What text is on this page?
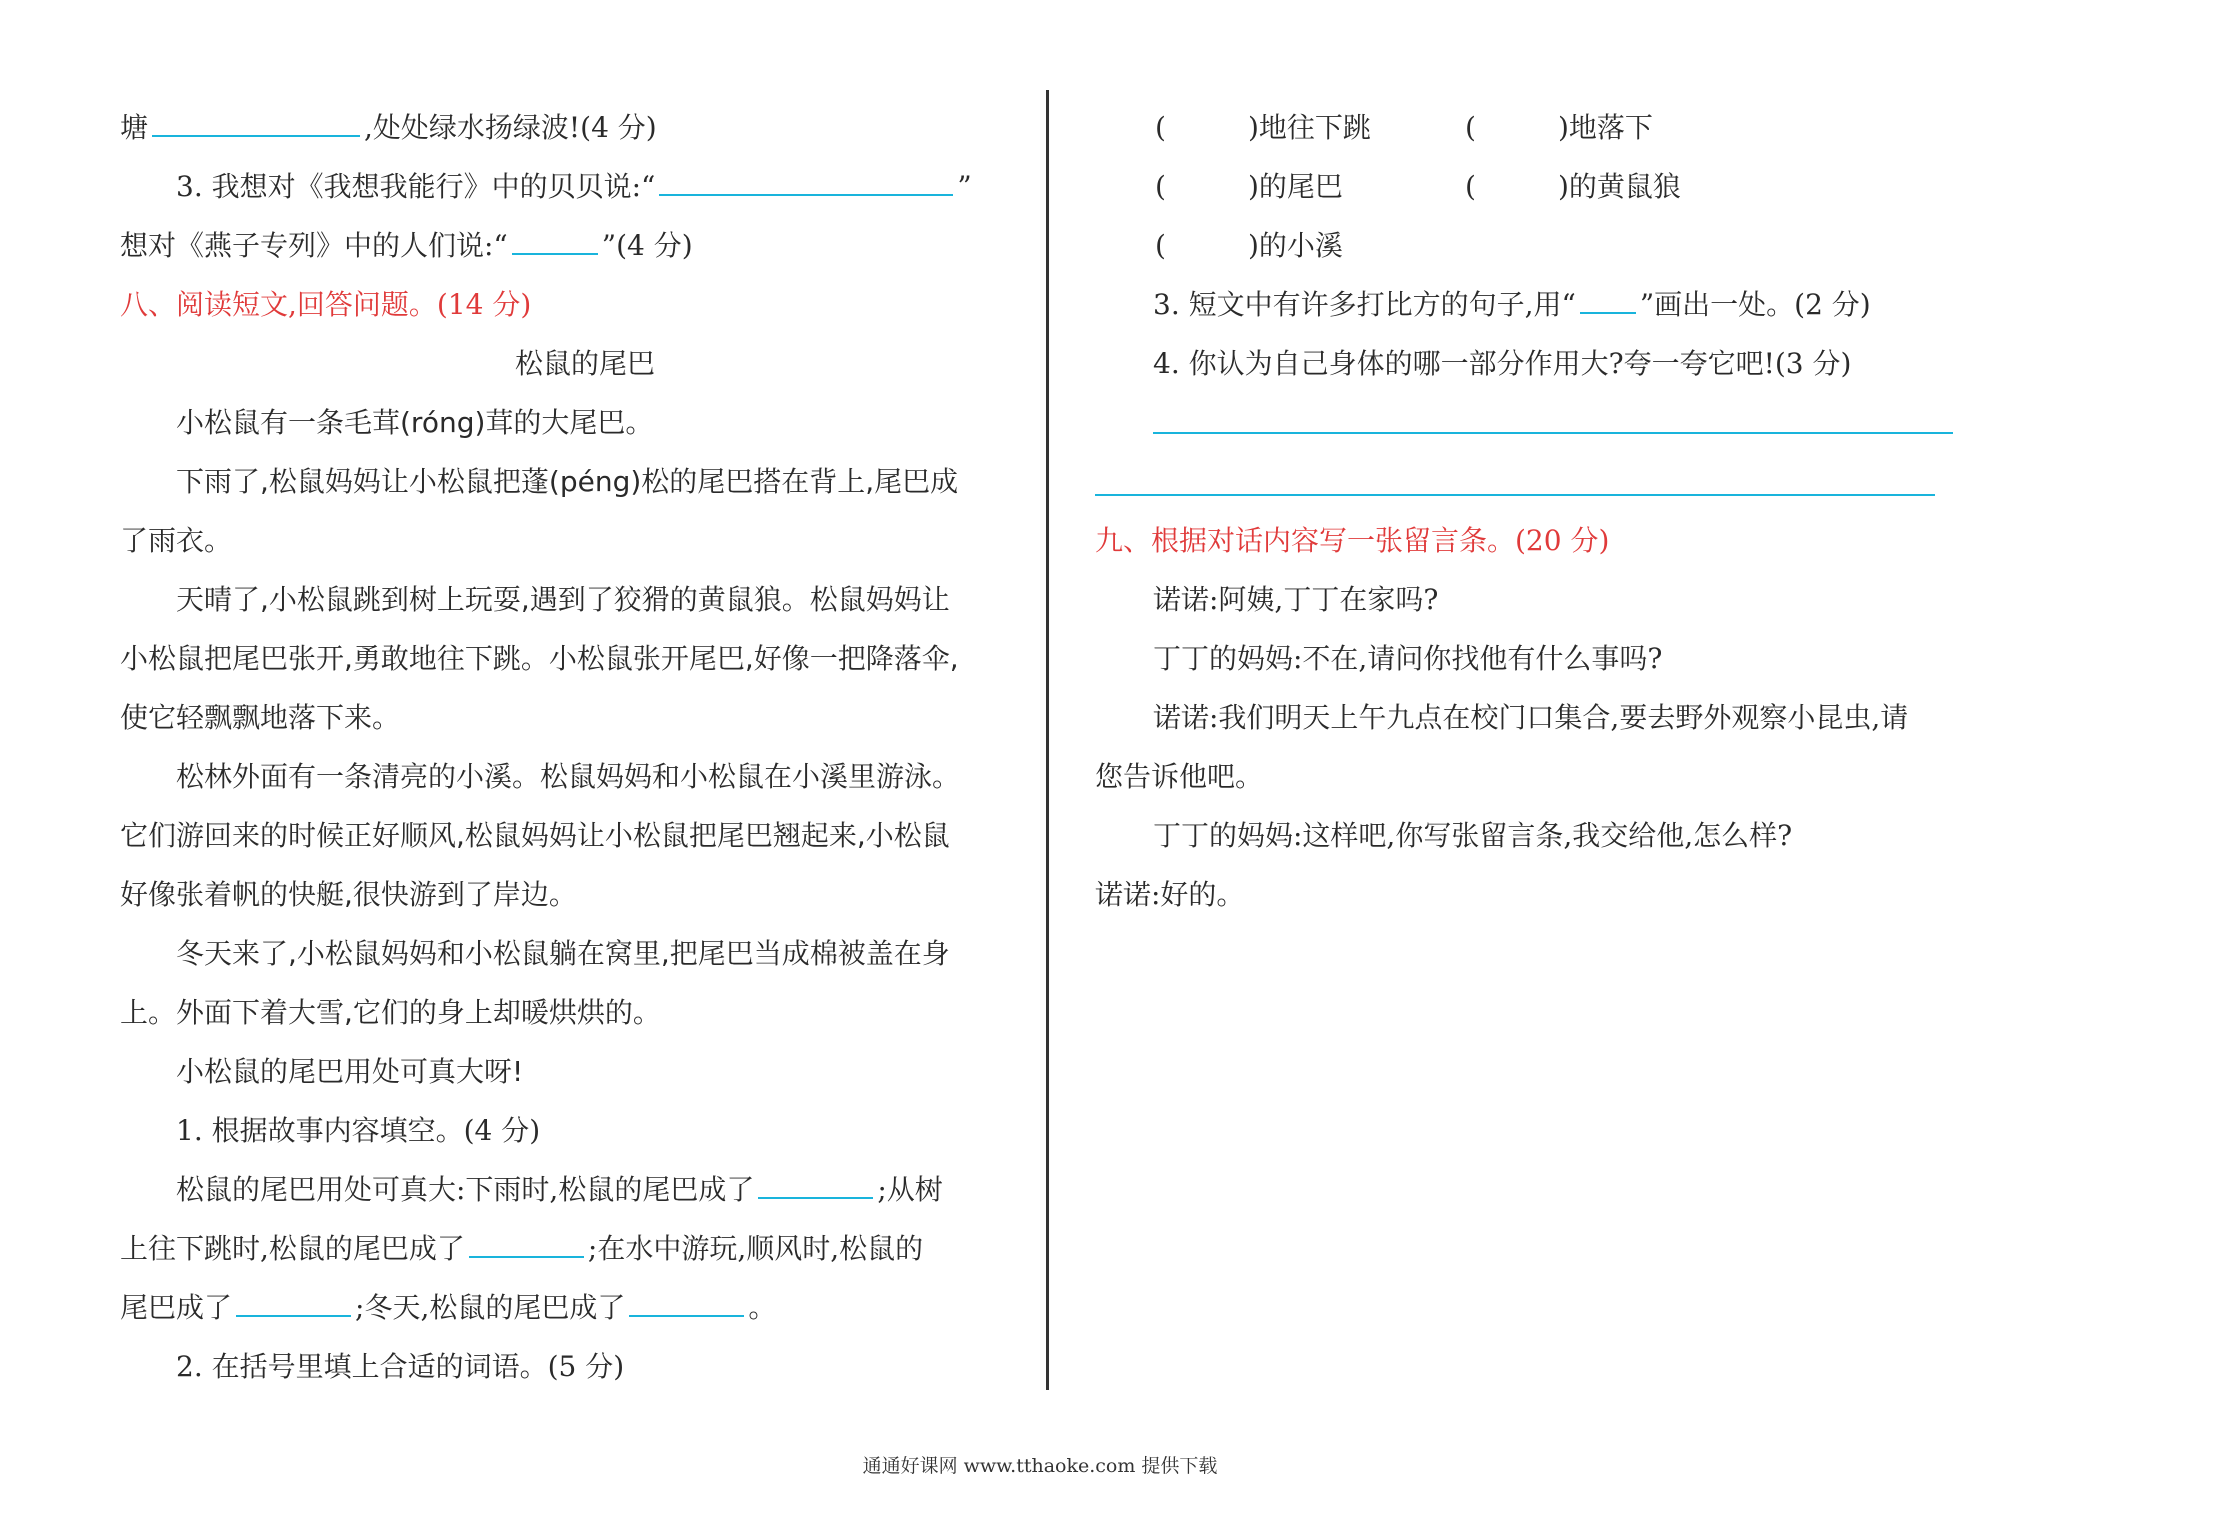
塘	,处处绿水扬绿波!(4 分)
3. 我想对《我想我能行》中的贝贝说:“	”
想对《燕子专列》中的人们说:“	”(4 分)
八、阅读短文,回答问题。(14 分)
松鼠的尾巴
小松鼠有一条毛茸(róng)茸的大尾巴。
下雨了,松鼠妈妈让小松鼠把蓬(péng)松的尾巴搭在背上,尾巴成
了雨衣。
天晴了,小松鼠跳到树上玩耍,遇到了狡猾的黄鼠狼。松鼠妈妈让
小松鼠把尾巴张开,勇敢地往下跳。小松鼠张开尾巴,好像一把降落伞,
使它轻飘飘地落下来。
松林外面有一条清亮的小溪。松鼠妈妈和小松鼠在小溪里游泳。
它们游回来的时候正好顺风,松鼠妈妈让小松鼠把尾巴翘起来,小松鼠
好像张着帆的快艇,很快游到了岸边。
冬天来了,小松鼠妈妈和小松鼠躺在窝里,把尾巴当成棉被盖在身
上。外面下着大雪,它们的身上却暖烘烘的。
小松鼠的尾巴用处可真大呀!
1. 根据故事内容填空。(4 分)
松鼠的尾巴用处可真大:下雨时,松鼠的尾巴成了	;从树
上往下跳时,松鼠的尾巴成了	;在水中游玩,顺风时,松鼠的
尾巴成了	;冬天,松鼠的尾巴成了	。
2. 在括号里填上合适的词语。(5 分)
(	)地往下跳	(	)地落下
(	)的尾巴	(	)的黄鼠狼
(	)的小溪
3. 短文中有许多打比方的句子,用“ ”画出一处。(2 分)
4. 你认为自己身体的哪一部分作用大?夸一夸它吧!(3 分)
九、根据对话内容写一张留言条。(20 分)
诺诺:阿姨,丁丁在家吗?
丁丁的妈妈:不在,请问你找他有什么事吗?
诺诺:我们明天上午九点在校门口集合,要去野外观察小昆虫,请
您告诉他吧。
丁丁的妈妈:这样吧,你写张留言条,我交给他,怎么样?
诺诺:好的。
通通好课网 www.tthaoke.com 提供下载
